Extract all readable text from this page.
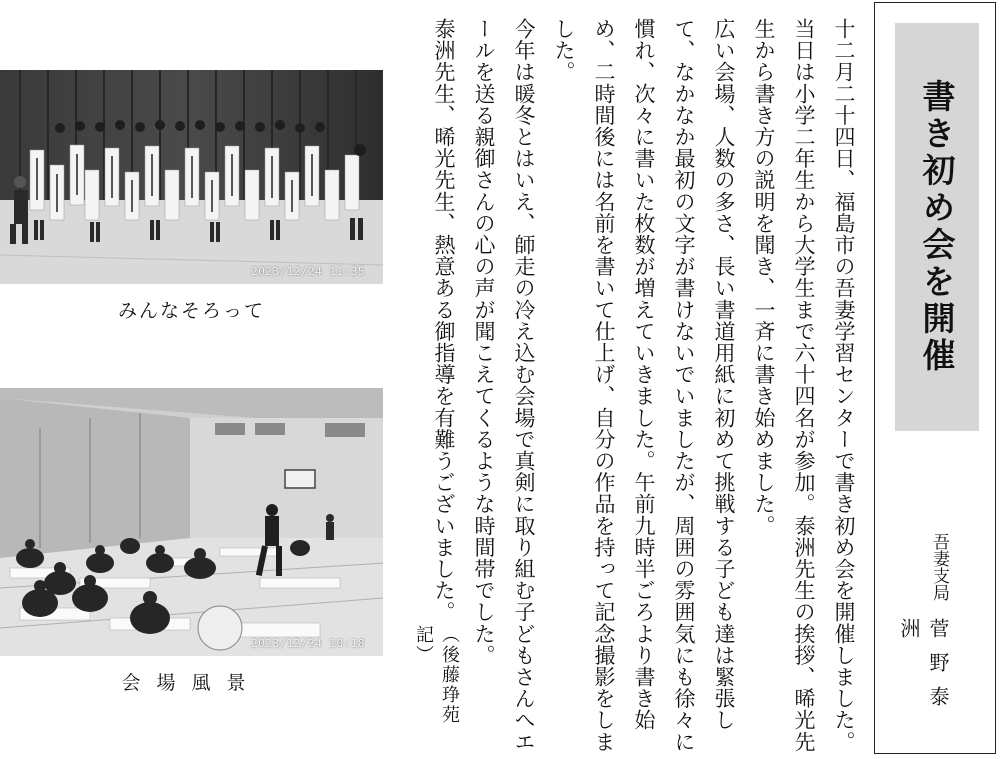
書き初め会を開催
吾妻支局
菅野泰洲

十二月二十四日、福島市の吾妻学習センターで書き初め会を開催しました。当日は小学二年生から大学生まで六十四名が参加。泰洲先生の挨拶、晞光先生から書き方の説明を聞き、一斉に書き始めました。

広い会場、人数の多さ、長い書道用紙に初めて挑戦する子ども達は緊張して、なかなか最初の文字が書けないでいましたが、周囲の雰囲気にも徐々に慣れ、次々に書いた枚数が増えていきました。午前九時半ごろより書き始め、二時間後には名前を書いて仕上げ、自分の作品を持って記念撮影をしました。

今年は暖冬とはいえ、師走の冷え込む会場で真剣に取り組む子どもさんへエールを送る親御さんの心の声が聞こえてくるような時間帯でした。

泰洲先生、晞光先生、熱意ある御指導を有難うございました。

（後藤琤苑　記）
2023/12/24 11:35
みんなそろって
2023/12/24 10:18
会場風景
